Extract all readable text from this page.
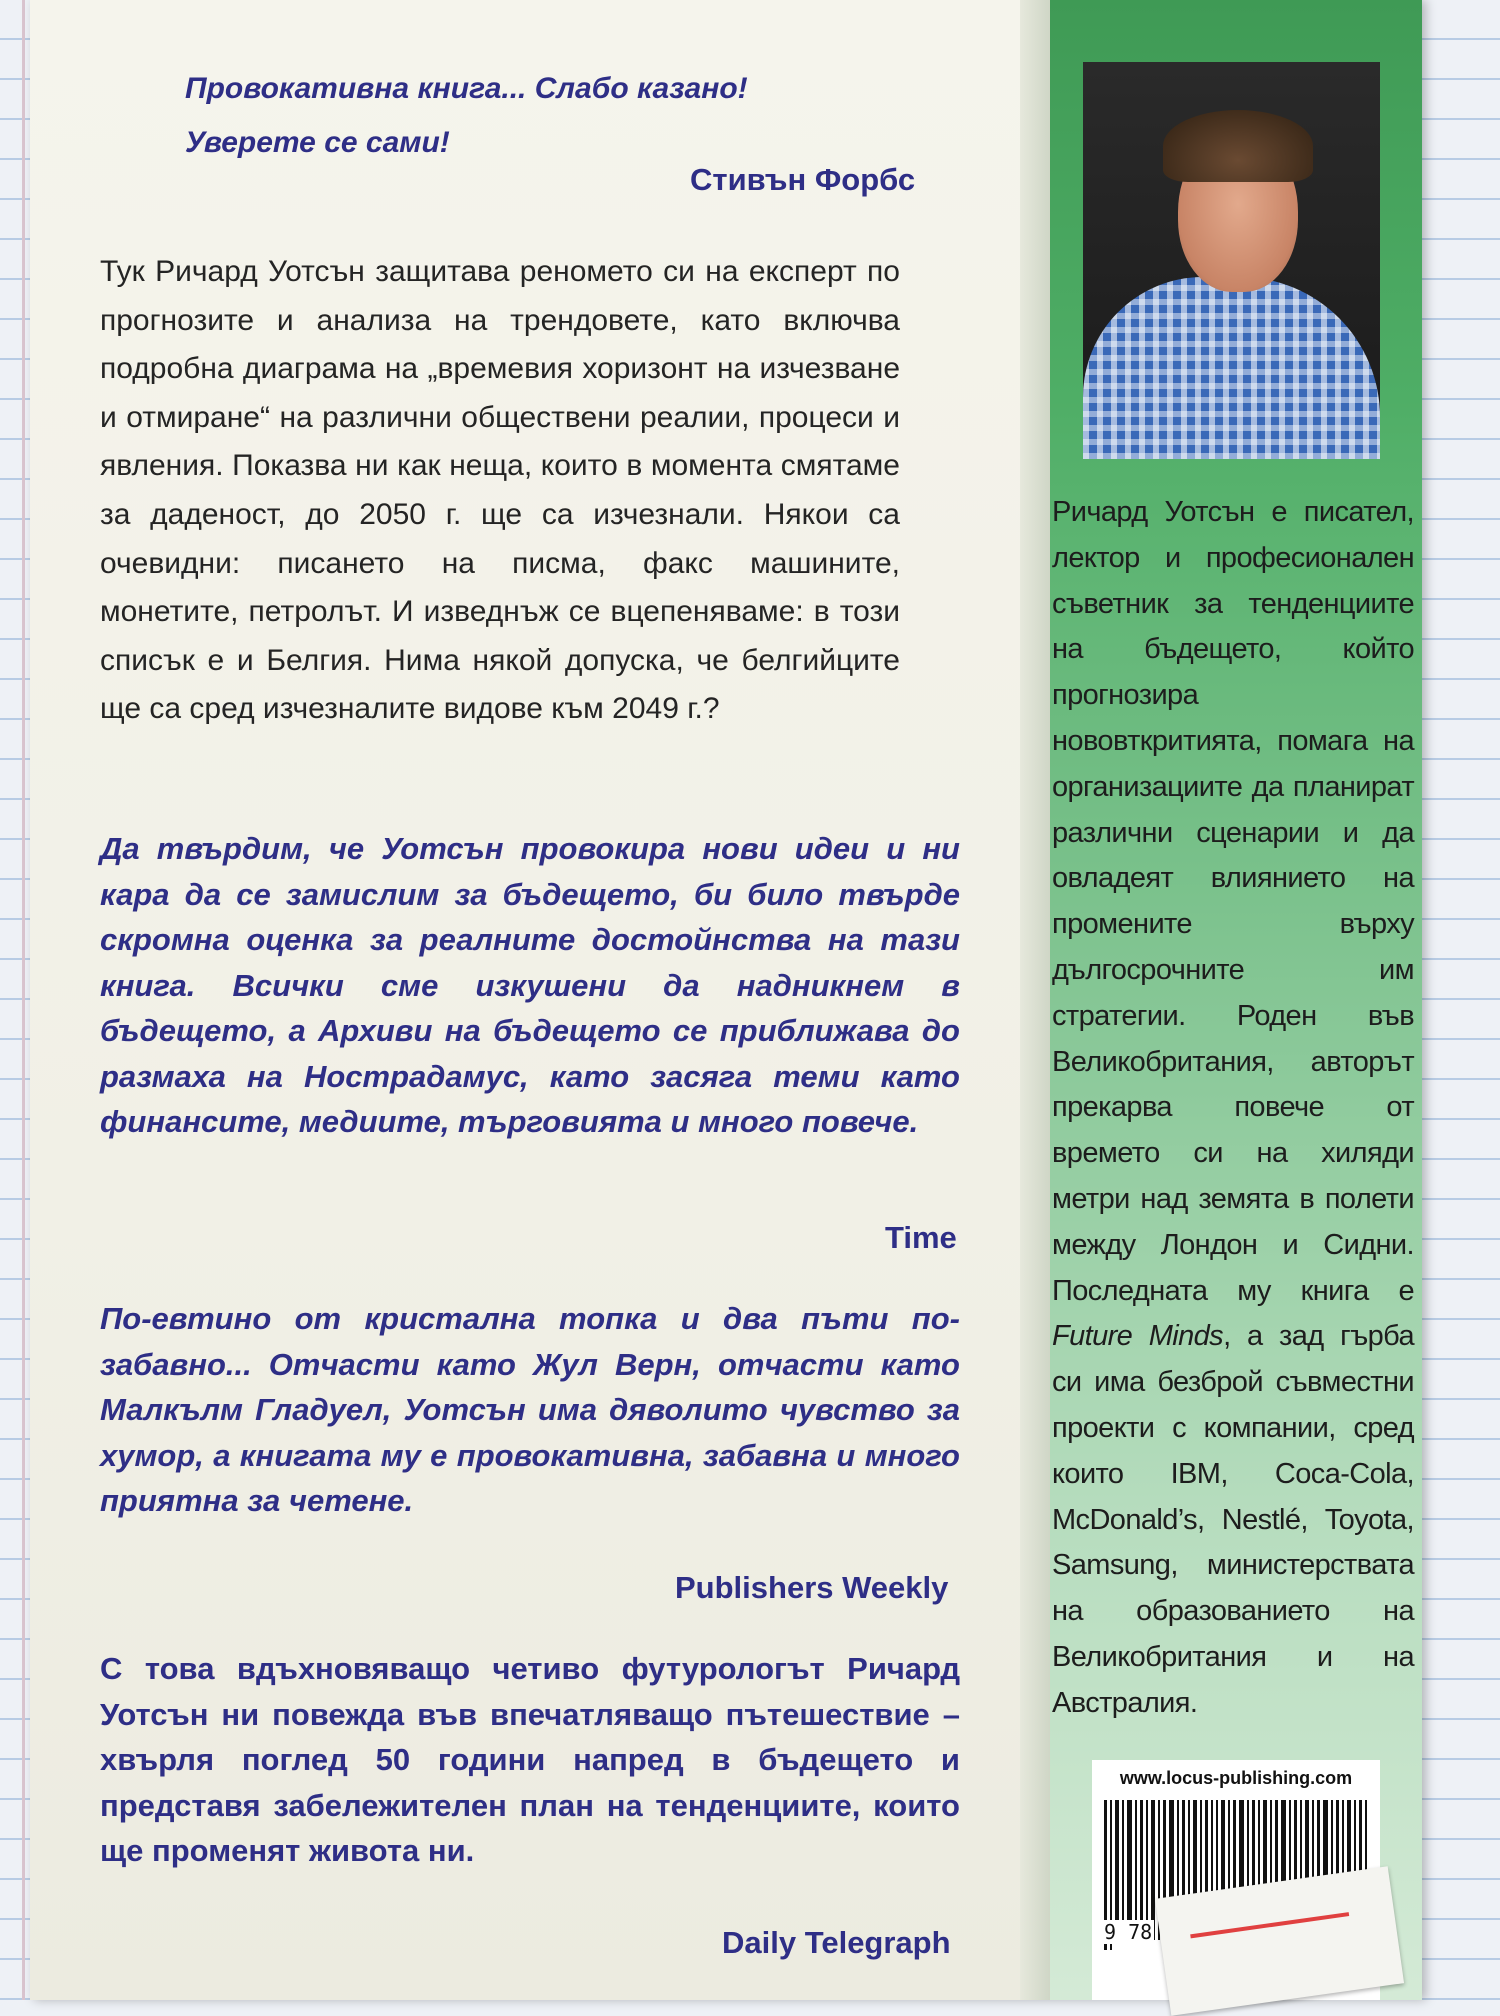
Провокативна книга... Слабо казано!
Уверете се сами!
Стивън Форбс

Тук Ричард Уотсън защитава реномето си на експерт по прогнозите и анализа на трендовете, като включва подробна диаграма на „времевия хоризонт на изчезване и отмиране“ на различни обществени реалии, процеси и явления. Показва ни как неща, които в момента смятаме за даденост, до 2050 г. ще са изчезнали. Някои са очевидни: писането на писма, факс машините, монетите, петролът. И изведнъж се вцепеняваме: в този списък е и Белгия. Нима някой допуска, че белгийците ще са сред изчезналите видове към 2049 г.?

Да твърдим, че Уотсън провокира нови идеи и ни кара да се замислим за бъдещето, би било твърде скромна оценка за реалните достойнства на тази книга. Всички сме изкушени да надникнем в бъдещето, а Архиви на бъдещето се приближава до размаха на Нострадамус, като засяга теми като финансите, медиите, търговията и много повече.

Time

По-евтино от кристална топка и два пъти по-забавно... Отчасти като Жул Верн, отчасти като Малкълм Гладуел, Уотсън има дяволито чувство за хумор, а книгата му е провокативна, забавна и много приятна за четене.

Publishers Weekly

С това вдъхновяващо четиво футурологът Ричард Уотсън ни повежда във впечатляващо пътешествие – хвърля поглед 50 години напред в бъдещето и представя забележителен план на тенденциите, които ще променят живота ни.

Daily Telegraph

Ричард Уотсън е писател, лектор и професионален съветник за тенденциите на бъдещето, който прогнозира нововткритията, помага на организациите да планират различни сценарии и да овладеят влиянието на промените върху дългосрочните им стратегии. Роден във Великобритания, авторът прекарва повече от времето си на хиляди метри над земята в полети между Лондон и Сидни. Последната му книга е Future Minds, а зад гърба си има безброй съвместни проекти с компании, сред които IBM, Coca-Cola, McDonald’s, Nestlé, Toyota, Samsung, министерствата на образованието на Великобритания и на Австралия.

www.locus-publishing.com
9 78
